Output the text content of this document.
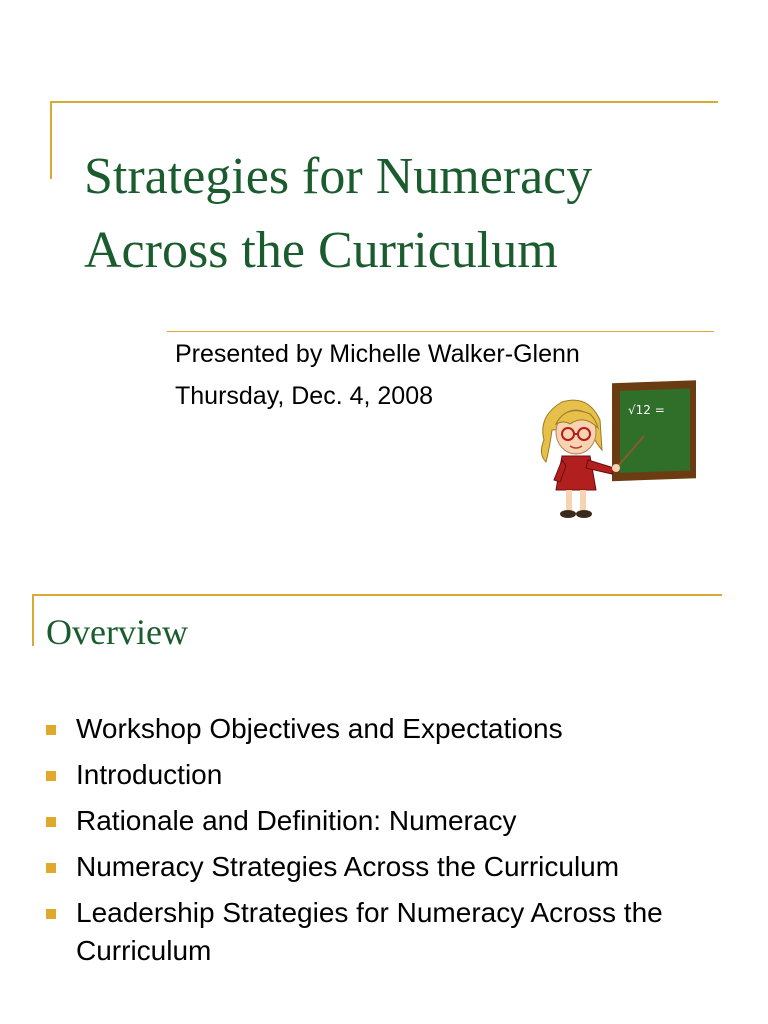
Strategies for Numeracy Across the Curriculum
Presented by Michelle Walker-Glenn
Thursday, Dec. 4, 2008	√12 =
Overview
Workshop Objectives and Expectations
Introduction
Rationale and Definition: Numeracy
Numeracy Strategies Across the Curriculum
Leadership Strategies for Numeracy Across the Curriculum
